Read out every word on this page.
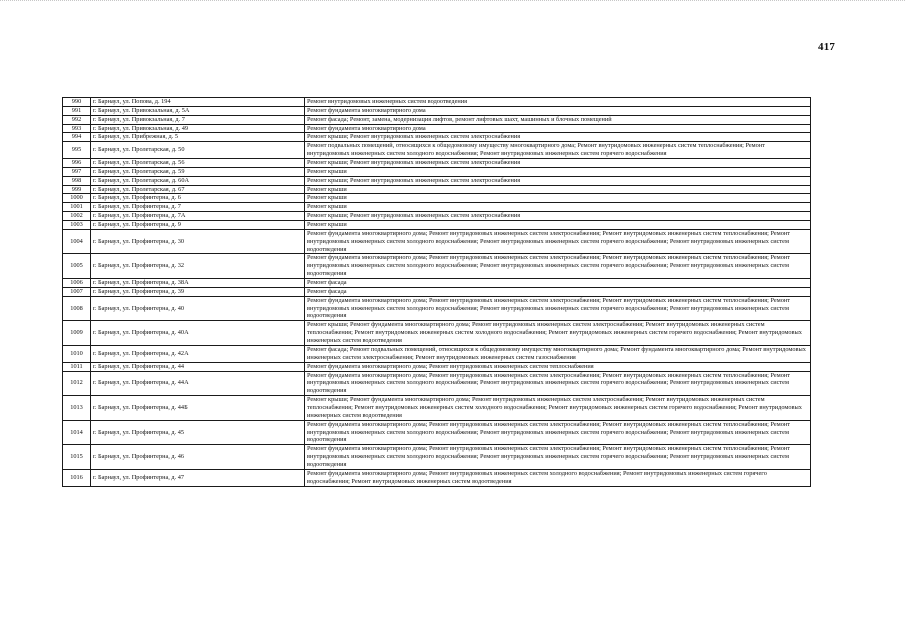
417
990	г. Барнаул, ул. Попова, д. 194	Ремонт внутридомовых инженерных систем водоотведения
991	г. Барнаул, ул. Привокзальная, д. 5А	Ремонт фундамента многоквартирного дома
992	г. Барнаул, ул. Привокзальная, д. 7	Ремонт фасада; Ремонт, замена, модернизация лифтов, ремонт лифтовых шахт, машинных и блочных помещений
993	г. Барнаул, ул. Привокзальная, д. 49	Ремонт фундамента многоквартирного дома
994	г. Барнаул, ул. Прибрежная, д. 5	Ремонт крыши; Ремонт внутридомовых инженерных систем электроснабжения
995	г. Барнаул, ул. Пролетарская, д. 50	Ремонт подвальных помещений, относящихся к общедомовому имуществу многоквартирного дома; Ремонт внутридомовых инженерных систем теплоснабжения; Ремонт внутридомовых инженерных систем холодного водоснабжения; Ремонт внутридомовых инженерных систем горячего водоснабжения
996	г. Барнаул, ул. Пролетарская, д. 56	Ремонт крыши; Ремонт внутридомовых инженерных систем электроснабжения
997	г. Барнаул, ул. Пролетарская, д. 59	Ремонт крыши
998	г. Барнаул, ул. Пролетарская, д. 60А	Ремонт крыши; Ремонт внутридомовых инженерных систем электроснабжения
999	г. Барнаул, ул. Пролетарская, д. 67	Ремонт крыши
1000	г. Барнаул, ул. Профинтерна, д. 6	Ремонт крыши
1001	г. Барнаул, ул. Профинтерна, д. 7	Ремонт крыши
1002	г. Барнаул, ул. Профинтерна, д. 7А	Ремонт крыши; Ремонт внутридомовых инженерных систем электроснабжения
1003	г. Барнаул, ул. Профинтерна, д. 9	Ремонт крыши
1004	г. Барнаул, ул. Профинтерна, д. 30	Ремонт фундамента многоквартирного дома; Ремонт внутридомовых инженерных систем электроснабжения; Ремонт внутридомовых инженерных систем теплоснабжения; Ремонт внутридомовых инженерных систем холодного водоснабжения; Ремонт внутридомовых инженерных систем горячего водоснабжения; Ремонт внутридомовых инженерных систем водоотведения
1005	г. Барнаул, ул. Профинтерна, д. 32	Ремонт фундамента многоквартирного дома; Ремонт внутридомовых инженерных систем электроснабжения; Ремонт внутридомовых инженерных систем теплоснабжения; Ремонт внутридомовых инженерных систем холодного водоснабжения; Ремонт внутридомовых инженерных систем горячего водоснабжения; Ремонт внутридомовых инженерных систем водоотведения
1006	г. Барнаул, ул. Профинтерна, д. 38А	Ремонт фасада
1007	г. Барнаул, ул. Профинтерна, д. 39	Ремонт фасада
1008	г. Барнаул, ул. Профинтерна, д. 40	Ремонт фундамента многоквартирного дома; Ремонт внутридомовых инженерных систем электроснабжения; Ремонт внутридомовых инженерных систем теплоснабжения; Ремонт внутридомовых инженерных систем холодного водоснабжения; Ремонт внутридомовых инженерных систем горячего водоснабжения; Ремонт внутридомовых инженерных систем водоотведения
1009	г. Барнаул, ул. Профинтерна, д. 40А	Ремонт крыши; Ремонт фундамента многоквартирного дома; Ремонт внутридомовых инженерных систем электроснабжения; Ремонт внутридомовых инженерных систем теплоснабжения; Ремонт внутридомовых инженерных систем холодного водоснабжения; Ремонт внутридомовых инженерных систем горячего водоснабжения; Ремонт внутридомовых инженерных систем водоотведения
1010	г. Барнаул, ул. Профинтерна, д. 42А	Ремонт фасада; Ремонт подвальных помещений, относящихся к общедомовому имуществу многоквартирного дома; Ремонт фундамента многоквартирного дома; Ремонт внутридомовых инженерных систем электроснабжения; Ремонт внутридомовых инженерных систем газоснабжения
1011	г. Барнаул, ул. Профинтерна, д. 44	Ремонт фундамента многоквартирного дома; Ремонт внутридомовых инженерных систем теплоснабжения
1012	г. Барнаул, ул. Профинтерна, д. 44А	Ремонт фундамента многоквартирного дома; Ремонт внутридомовых инженерных систем электроснабжения; Ремонт внутридомовых инженерных систем теплоснабжения; Ремонт внутридомовых инженерных систем холодного водоснабжения; Ремонт внутридомовых инженерных систем горячего водоснабжения; Ремонт внутридомовых инженерных систем водоотведения
1013	г. Барнаул, ул. Профинтерна, д. 44Б	Ремонт крыши; Ремонт фундамента многоквартирного дома; Ремонт внутридомовых инженерных систем электроснабжения; Ремонт внутридомовых инженерных систем теплоснабжения; Ремонт внутридомовых инженерных систем холодного водоснабжения; Ремонт внутридомовых инженерных систем горячего водоснабжения; Ремонт внутридомовых инженерных систем водоотведения
1014	г. Барнаул, ул. Профинтерна, д. 45	Ремонт фундамента многоквартирного дома; Ремонт внутридомовых инженерных систем электроснабжения; Ремонт внутридомовых инженерных систем теплоснабжения; Ремонт внутридомовых инженерных систем холодного водоснабжения; Ремонт внутридомовых инженерных систем горячего водоснабжения; Ремонт внутридомовых инженерных систем водоотведения
1015	г. Барнаул, ул. Профинтерна, д. 46	Ремонт фундамента многоквартирного дома; Ремонт внутридомовых инженерных систем электроснабжения; Ремонт внутридомовых инженерных систем теплоснабжения; Ремонт внутридомовых инженерных систем холодного водоснабжения; Ремонт внутридомовых инженерных систем горячего водоснабжения; Ремонт внутридомовых инженерных систем водоотведения
1016	г. Барнаул, ул. Профинтерна, д. 47	Ремонт фундамента многоквартирного дома; Ремонт внутридомовых инженерных систем холодного водоснабжения; Ремонт внутридомовых инженерных систем горячего водоснабжения; Ремонт внутридомовых инженерных систем водоотведения
